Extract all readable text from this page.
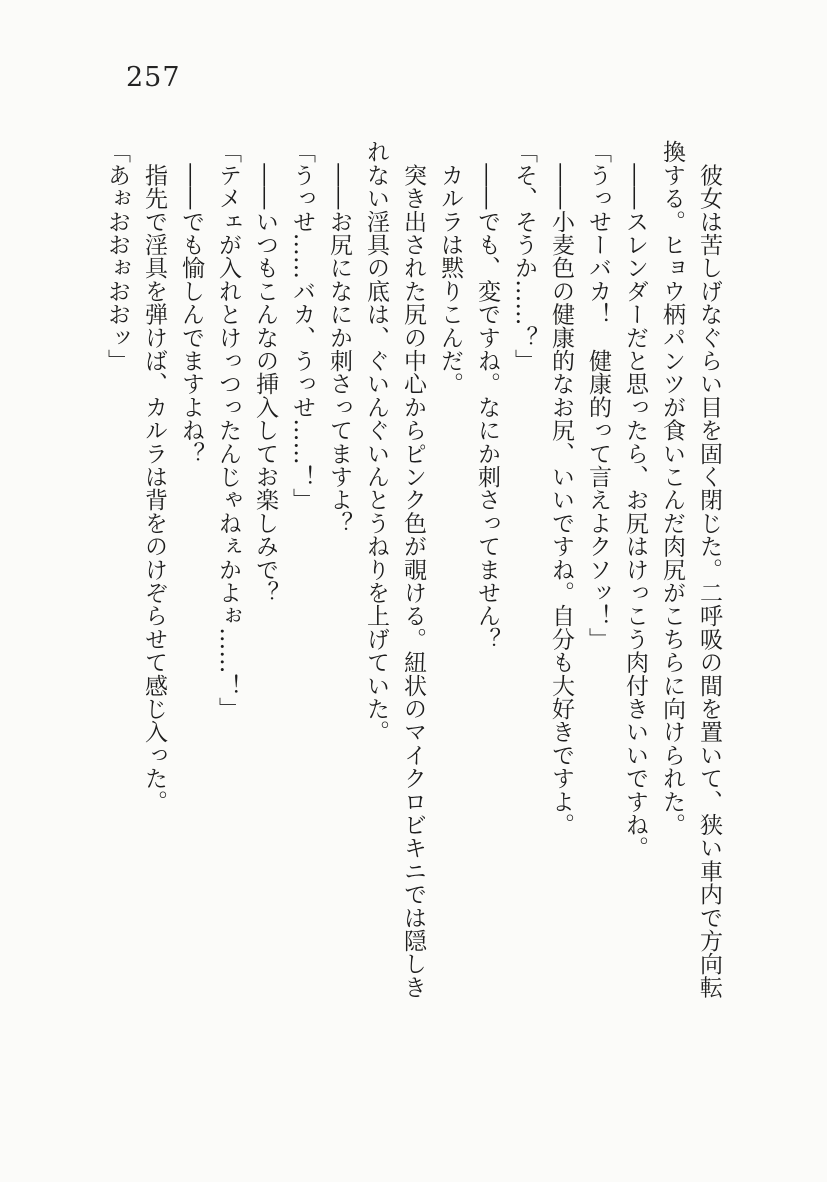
257

　彼女は苦しげなぐらい目を固く閉じた。二呼吸の間を置いて、狭い車内で方向転換する。ヒョウ柄パンツが食いこんだ肉尻がこちらに向けられた。

　――スレンダーだと思ったら、お尻はけっこう肉付きいいですね。

「うっせーバカ！　健康的って言えよクソッ！」

　――小麦色の健康的なお尻、いいですね。自分も大好きですよ。

「そ、そうか……？」

　――でも、変ですね。なにか刺さってません？

　カルラは黙りこんだ。

　突き出された尻の中心からピンク色が覗ける。紐状のマイクロビキニでは隠しきれない淫具の底は、ぐいんぐいんとうねりを上げていた。

　――お尻になにか刺さってますよ？

「うっせ……バカ、うっせ……！」

　――いつもこんなの挿入してお楽しみで？

「テメェが入れとけっつったんじゃねぇかよぉ……！」

　――でも愉しんでますよね？

　指先で淫具を弾けば、カルラは背をのけぞらせて感じ入った。

「あぉおおぉおおッ」
